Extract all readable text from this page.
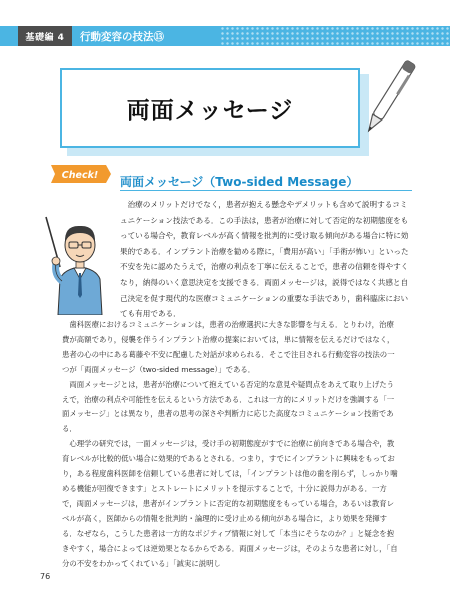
基礎編 4	行動変容の技法⑬
両面メッセージ
Check! 両面メッセージ（Two-sided Message）

治療のメリットだけでなく，患者が抱える懸念やデメリットも含めて説明するコミュニケーション技法である．この手法は，患者が治療に対して否定的な初期態度をもっている場合や，教育レベルが高く情報を批判的に受け取る傾向がある場合に特に効果的である．インプラント治療を勧める際に，「費用が高い」「手術が怖い」といった不安を先に認めたうえで，治療の利点を丁寧に伝えることで，患者の信頼を得やすくなり，納得のいく意思決定を支援できる．両面メッセージは，説得ではなく共感と自己決定を促す現代的な医療コミュニケーションの重要な手法であり，歯科臨床においても有用である．

歯科医療におけるコミュニケーションは，患者の治療選択に大きな影響を与える．とりわけ，治療費が高額であり，侵襲を伴うインプラント治療の提案においては，単に情報を伝えるだけではなく，患者の心の中にある葛藤や不安に配慮した対話が求められる．そこで注目される行動変容の技法の一つが「両面メッセージ（two-sided message）」である．

両面メッセージとは，患者が治療について抱えている否定的な意見や疑問点をあえて取り上げたうえで，治療の利点や可能性を伝えるという方法である．これは一方的にメリットだけを強調する「一面メッセージ」とは異なり，患者の思考の深さや判断力に応じた高度なコミュニケーション技術である．

心理学の研究では，一面メッセージは，受け手の初期態度がすでに治療に前向きである場合や，教育レベルが比較的低い場合に効果的であるとされる．つまり，すでにインプラントに興味をもっており，ある程度歯科医師を信頼している患者に対しては，「インプラントは他の歯を削らず，しっかり噛める機能が回復できます」とストレートにメリットを提示することで，十分に説得力がある．一方で，両面メッセージは，患者がインプラントに否定的な初期態度をもっている場合，あるいは教育レベルが高く，医師からの情報を批判的・論理的に受け止める傾向がある場合に，より効果を発揮する．なぜなら，こうした患者は一方的なポジティブ情報に対して「本当にそうなのか？」と疑念を抱きやすく，場合によっては逆効果となるからである．両面メッセージは，そのような患者に対し，「自分の不安をわかってくれている」「誠実に説明し

76
